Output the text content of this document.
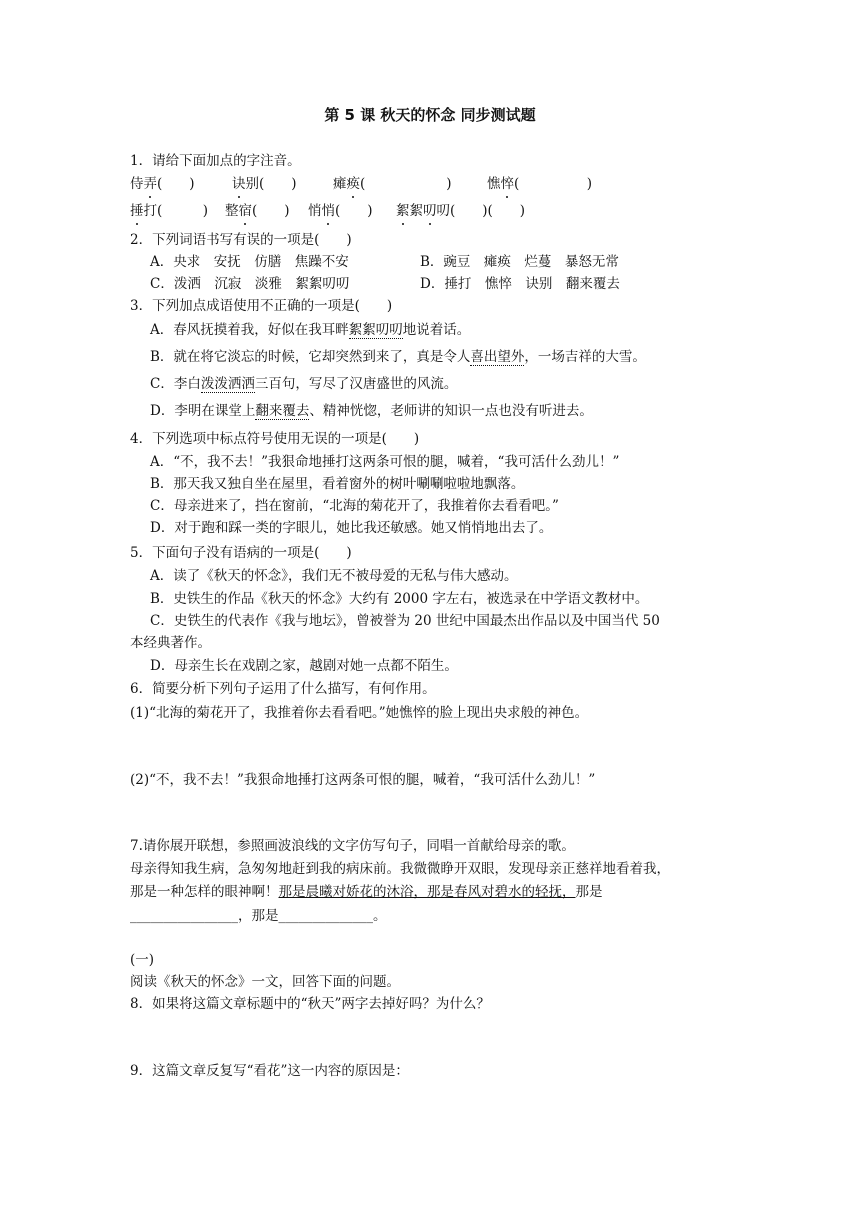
第 5 课 秋天的怀念 同步测试题
1．请给下面加点的字注音。
侍弄(　　)	诀别(　　)	瘫痪(　　　　　　)	憔悴(　　　　　)
捶打(　　　) 整宿(　　) 悄悄(　　) 絮絮叨叨(　　)(　　)
2．下列词语书写有误的一项是(　　)
A．央求　安抚　仿膳　焦躁不安	B．豌豆　瘫痪　烂蔓　暴怒无常
C．泼洒　沉寂　淡雅　絮絮叨叨	D．捶打　憔悴　诀别　翻来覆去
3．下列加点成语使用不正确的一项是(　　)
A．春风抚摸着我，好似在我耳畔絮絮叨叨地说着话。
B．就在将它淡忘的时候，它却突然到来了，真是令人喜出望外，一场吉祥的大雪。
C．李白泼泼洒洒三百句，写尽了汉唐盛世的风流。
D．李明在课堂上翻来覆去、精神恍惚，老师讲的知识一点也没有听进去。
4．下列选项中标点符号使用无误的一项是(　　)
A．“不，我不去！”我狠命地捶打这两条可恨的腿，喊着，“我可活什么劲儿！”
B．那天我又独自坐在屋里，看着窗外的树叶唰唰啦啦地飘落。
C．母亲进来了，挡在窗前，“北海的菊花开了，我推着你去看看吧。”
D．对于跑和踩一类的字眼儿，她比我还敏感。她又悄悄地出去了。
5．下面句子没有语病的一项是(　　)
A．读了《秋天的怀念》，我们无不被母爱的无私与伟大感动。
B．史铁生的作品《秋天的怀念》大约有 2000 字左右，被选录在中学语文教材中。
C．史铁生的代表作《我与地坛》，曾被誉为 20 世纪中国最杰出作品以及中国当代 50
本经典著作。
D．母亲生长在戏剧之家，越剧对她一点都不陌生。
6．简要分析下列句子运用了什么描写，有何作用。
(1)“北海的菊花开了，我推着你去看看吧。”她憔悴的脸上现出央求般的神色。
(2)“不，我不去！”我狠命地捶打这两条可恨的腿，喊着，“我可活什么劲儿！”
7.请你展开联想，参照画波浪线的文字仿写句子，同唱一首献给母亲的歌。
母亲得知我生病，急匆匆地赶到我的病床前。我微微睁开双眼，发现母亲正慈祥地看着我，
那是一种怎样的眼神啊！那是晨曦对娇花的沐浴，那是春风对碧水的轻抚，那是
________________，那是______________。
(一)
阅读《秋天的怀念》一文，回答下面的问题。
8．如果将这篇文章标题中的“秋天”两字去掉好吗？为什么？
9．这篇文章反复写“看花”这一内容的原因是：
